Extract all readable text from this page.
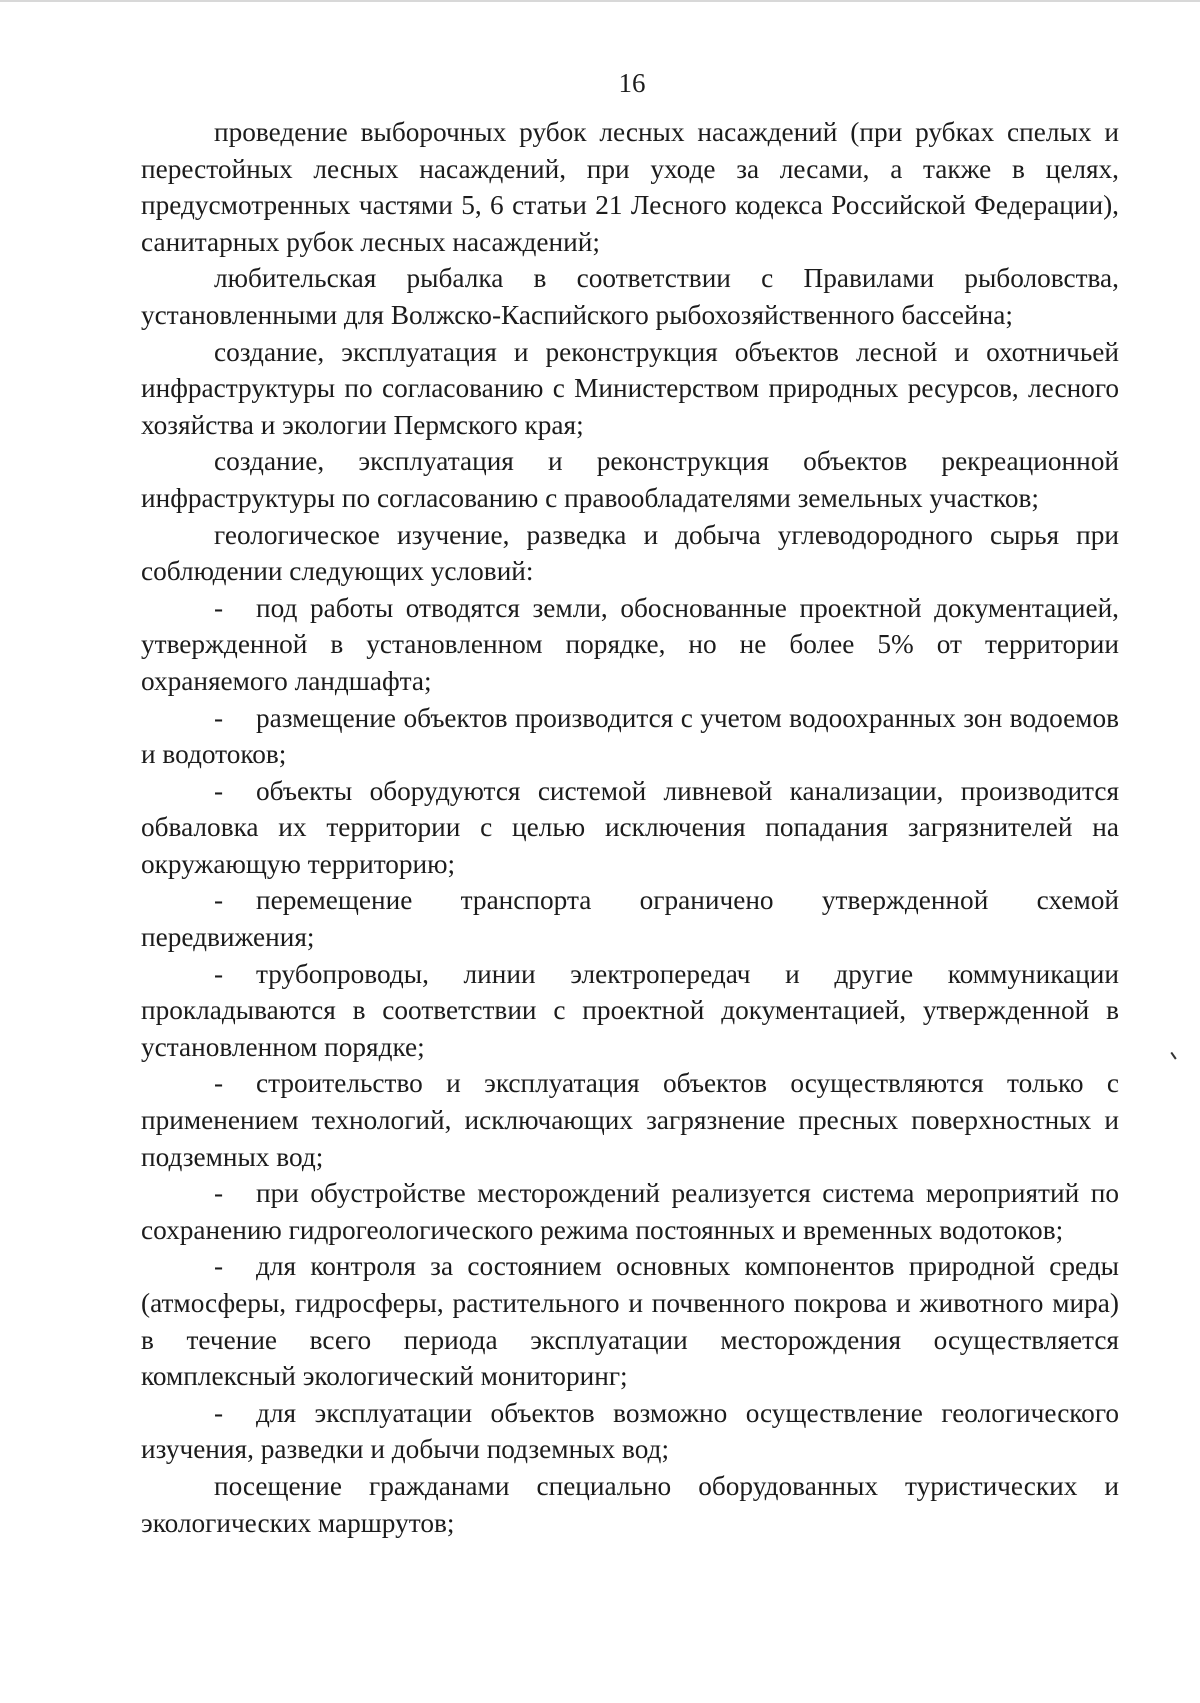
16

проведение выборочных рубок лесных насаждений (при рубках спелых и перестойных лесных насаждений, при уходе за лесами, а также в целях, предусмотренных частями 5, 6 статьи 21 Лесного кодекса Российской Федерации), санитарных рубок лесных насаждений;

любительская рыбалка в соответствии с Правилами рыболовства, установленными для Волжско-Каспийского рыбохозяйственного бассейна;

создание, эксплуатация и реконструкция объектов лесной и охотничьей инфраструктуры по согласованию с Министерством природных ресурсов, лесного хозяйства и экологии Пермского края;

создание, эксплуатация и реконструкция объектов рекреационной инфраструктуры по согласованию с правообладателями земельных участков;

геологическое изучение, разведка и добыча углеводородного сырья при соблюдении следующих условий:

- под работы отводятся земли, обоснованные проектной документацией, утвержденной в установленном порядке, но не более 5% от территории охраняемого ландшафта;

- размещение объектов производится с учетом водоохранных зон водоемов и водотоков;

- объекты оборудуются системой ливневой канализации, производится обваловка их территории с целью исключения попадания загрязнителей на окружающую территорию;

- перемещение транспорта ограничено утвержденной схемой передвижения;

- трубопроводы, линии электропередач и другие коммуникации прокладываются в соответствии с проектной документацией, утвержденной в установленном порядке;

- строительство и эксплуатация объектов осуществляются только с применением технологий, исключающих загрязнение пресных поверхностных и подземных вод;

- при обустройстве месторождений реализуется система мероприятий по сохранению гидрогеологического режима постоянных и временных водотоков;

- для контроля за состоянием основных компонентов природной среды (атмосферы, гидросферы, растительного и почвенного покрова и животного мира) в течение всего периода эксплуатации месторождения осуществляется комплексный экологический мониторинг;

- для эксплуатации объектов возможно осуществление геологического изучения, разведки и добычи подземных вод;

посещение гражданами специально оборудованных туристических и экологических маршрутов;
